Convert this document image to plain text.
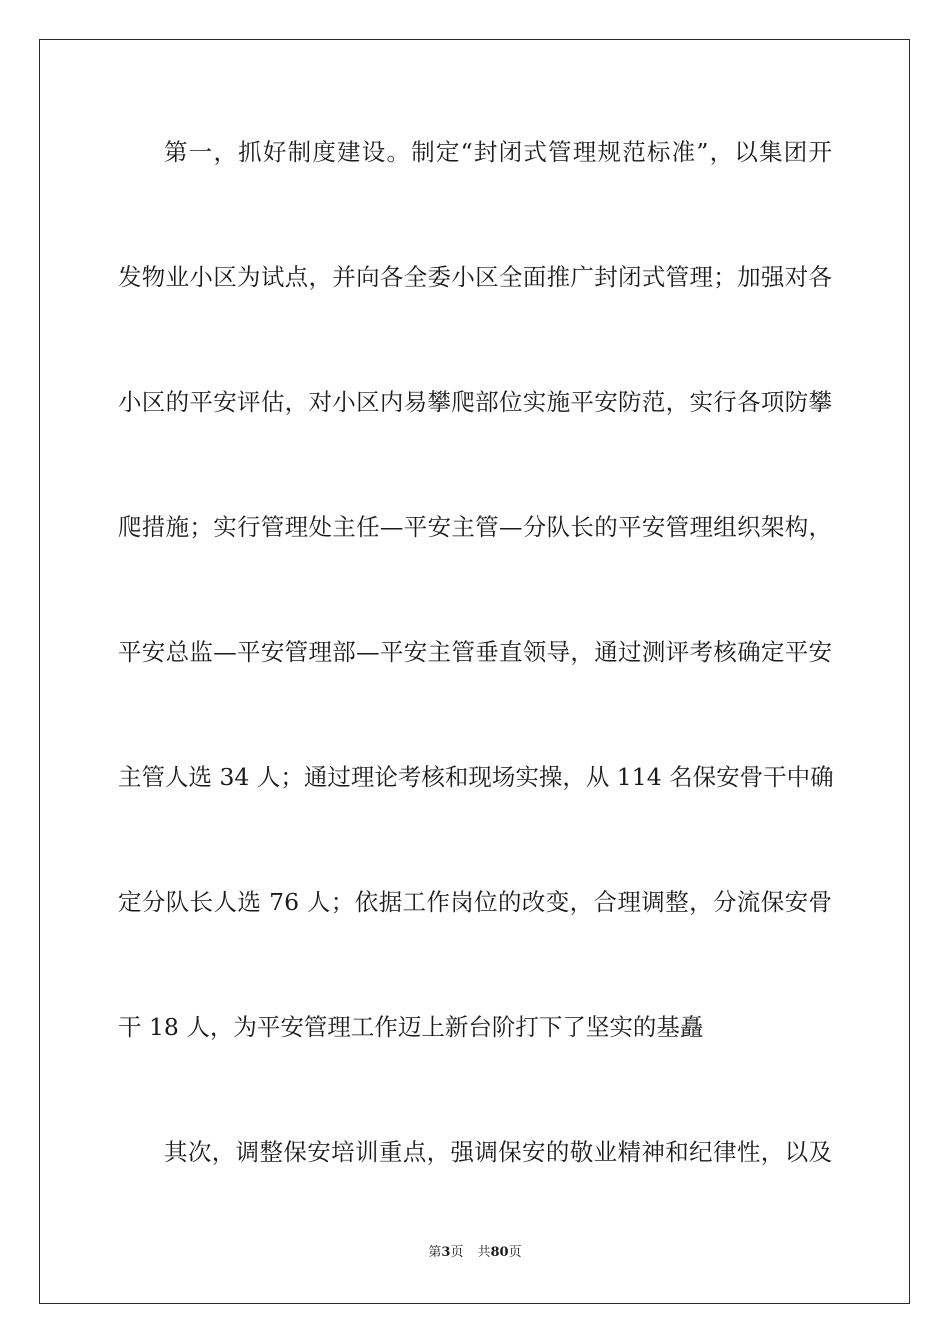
第一，抓好制度建设。制定“封闭式管理规范标准”，以集团开
发物业小区为试点，并向各全委小区全面推广封闭式管理；加强对各
小区的平安评估，对小区内易攀爬部位实施平安防范，实行各项防攀
爬措施；实行管理处主任—平安主管—分队长的平安管理组织架构，
平安总监—平安管理部—平安主管垂直领导，通过测评考核确定平安
主管人选 34 人；通过理论考核和现场实操，从 114 名保安骨干中确
定分队长人选 76 人；依据工作岗位的改变，合理调整，分流保安骨
干 18 人，为平安管理工作迈上新台阶打下了坚实的基矗
其次，调整保安培训重点，强调保安的敬业精神和纪律性，以及
第3页 共80页
